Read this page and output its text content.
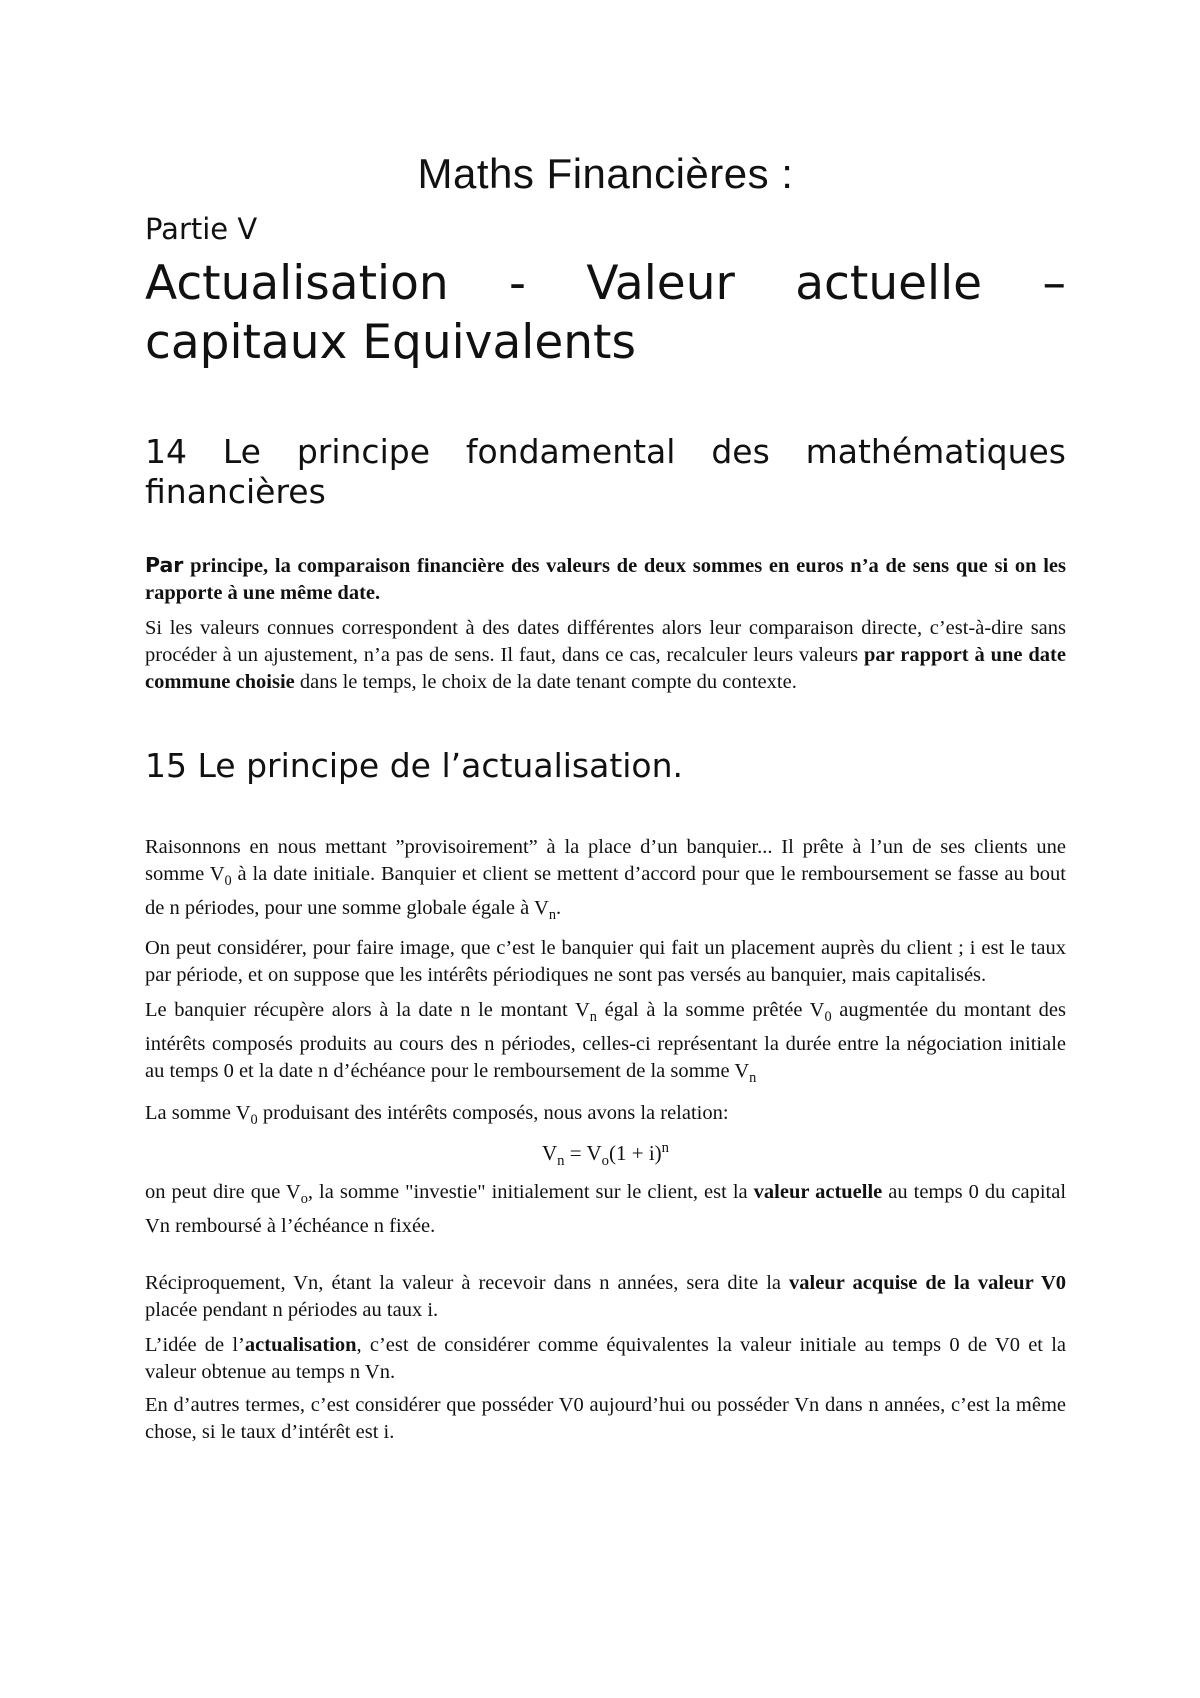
Maths Financières :
Partie V
Actualisation - Valeur actuelle – capitaux Equivalents
14 Le principe fondamental des mathématiques financières

Par principe, la comparaison financière des valeurs de deux sommes en euros n’a de sens que si on les rapporte à une même date.

Si les valeurs connues correspondent à des dates différentes alors leur comparaison directe, c’est-à-dire sans procéder à un ajustement, n’a pas de sens. Il faut, dans ce cas, recalculer leurs valeurs par rapport à une date commune choisie dans le temps, le choix de la date tenant compte du contexte.

15 Le principe de l’actualisation.

Raisonnons en nous mettant ”provisoirement” à la place d’un banquier... Il prête à l’un de ses clients une somme $V_0$ à la date initiale. Banquier et client se mettent d’accord pour que le remboursement se fasse au bout de n périodes, pour une somme globale égale à $V_n$.

On peut considérer, pour faire image, que c’est le banquier qui fait un placement auprès du client ; i est le taux par période, et on suppose que les intérêts périodiques ne sont pas versés au banquier, mais capitalisés.

Le banquier récupère alors à la date n le montant $V_n$ égal à la somme prêtée $V_0$ augmentée du montant des intérêts composés produits au cours des n périodes, celles-ci représentant la durée entre la négociation initiale au temps 0 et la date n d’échéance pour le remboursement de la somme $V_n$

La somme $V_0$ produisant des intérêts composés, nous avons la relation:

$V_n = V_o(1 + i)^n$

on peut dire que $V_o$, la somme "investie" initialement sur le client, est la valeur actuelle au temps 0 du capital Vn remboursé à l’échéance n fixée.

Réciproquement, Vn, étant la valeur à recevoir dans n années, sera dite la valeur acquise de la valeur V0 placée pendant n périodes au taux i.

L’idée de l’actualisation, c’est de considérer comme équivalentes la valeur initiale au temps 0 de V0 et la valeur obtenue au temps n Vn.

En d’autres termes, c’est considérer que posséder V0 aujourd’hui ou posséder Vn dans n années, c’est la même chose, si le taux d’intérêt est i.
